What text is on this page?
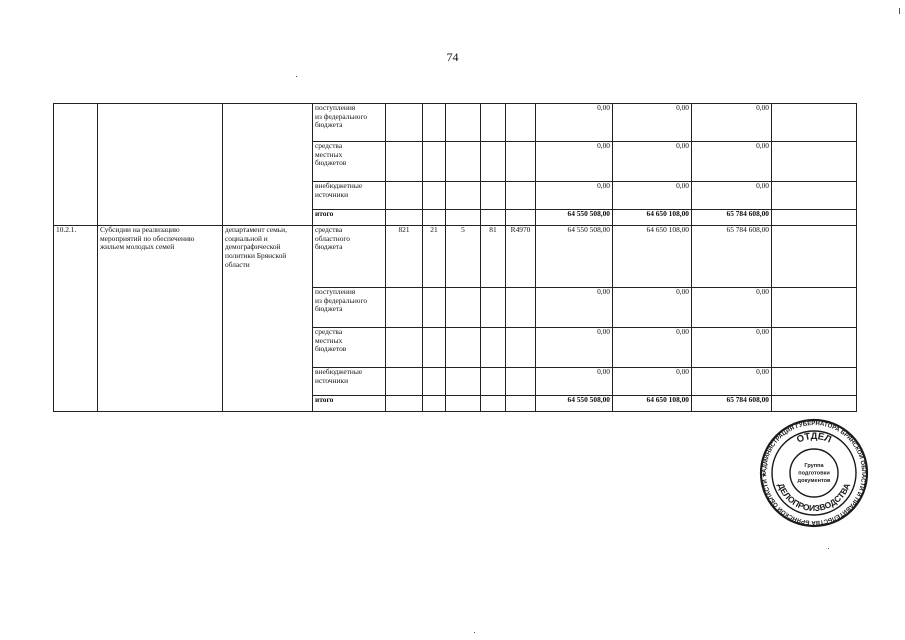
74
			поступления
из федерального
бюджета						0,00	0,00	0,00	
			средства
местных
бюджетов						0,00	0,00	0,00	
			внебюджетные
источники						0,00	0,00	0,00	
			итого						64 550 508,00	64 650 108,00	65 784 608,00	
10.2.1.	Субсидии на реализацию мероприятий по обеспечению жильем молодых семей	департамент семьи, социальной и демографической политики Брянской области	средства
областного
бюджета	821	21	5	81	R4970	64 550 508,00	64 650 108,00	65 784 608,00	
			поступления
из федерального
бюджета						0,00	0,00	0,00	
			средства
местных
бюджетов						0,00	0,00	0,00	
			внебюджетные
источники						0,00	0,00	0,00	
			итого						64 550 508,00	64 650 108,00	65 784 608,00	
АДМИНИСТРАЦИЯ ГУБЕРНАТОРА БРЯНСКОЙ ОБЛАСТИ И ПРАВИТЕЛЬСТВА БРЯНСКОЙ ОБЛАСТИ ★
ОТДЕЛ
ДЕЛОПРОИЗВОДСТВА
Группа
подготовки
документов
